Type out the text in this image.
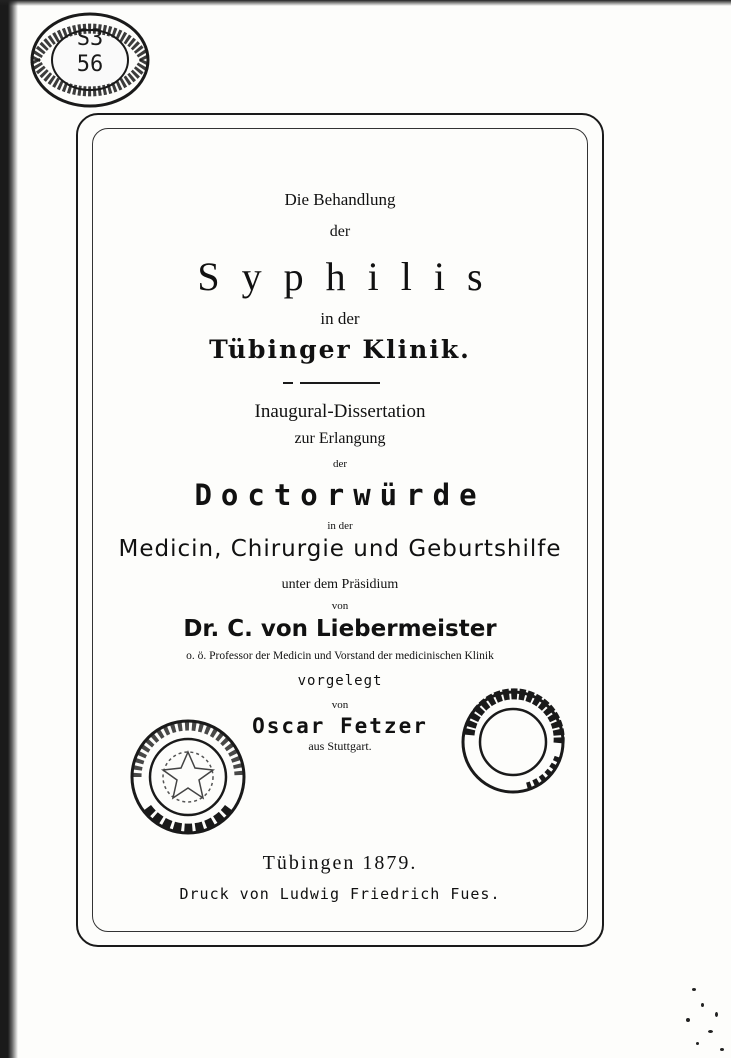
S3 56
Die Behandlung
der
Syphilis
in der
Tübinger Klinik.
Inaugural-Dissertation
zur Erlangung
der
Doctorwürde
in der
Medicin, Chirurgie und Geburtshilfe
unter dem Präsidium
von
Dr. C. von Liebermeister
o. ö. Professor der Medicin und Vorstand der medicinischen Klinik
vorgelegt
von
Oscar Fetzer
aus Stuttgart.
Tübingen 1879.
Druck von Ludwig Friedrich Fues.
